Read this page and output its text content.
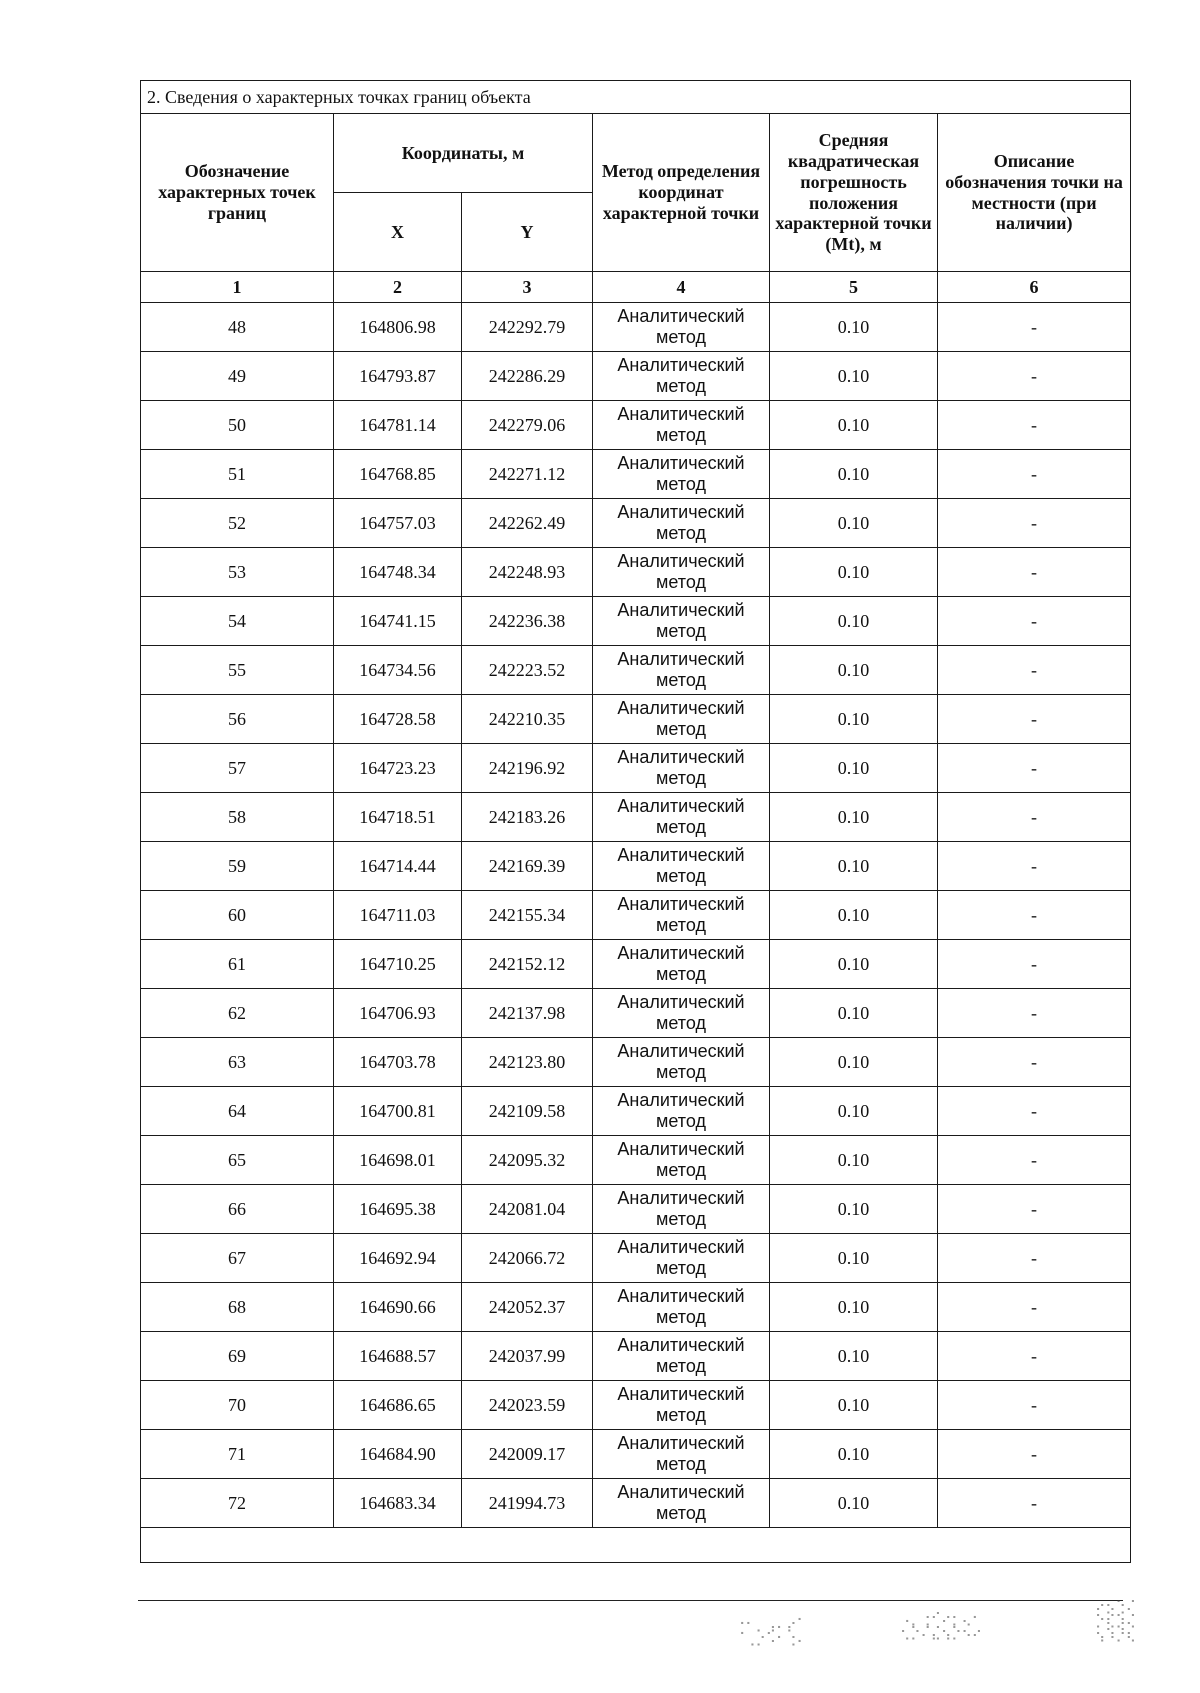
2. Сведения о характерных точках границ объекта					
Обозначение характерных точек границ	Координаты, м		Метод определения координат характерной точки	Средняя квадратическая погрешность положения характерной точки (Mt), м	Описание обозначения точки на местности (при наличии)
	X	Y			
1	2	3	4	5	6
48	164806.98	242292.79	Аналитический метод	0.10	-
49	164793.87	242286.29	Аналитический метод	0.10	-
50	164781.14	242279.06	Аналитический метод	0.10	-
51	164768.85	242271.12	Аналитический метод	0.10	-
52	164757.03	242262.49	Аналитический метод	0.10	-
53	164748.34	242248.93	Аналитический метод	0.10	-
54	164741.15	242236.38	Аналитический метод	0.10	-
55	164734.56	242223.52	Аналитический метод	0.10	-
56	164728.58	242210.35	Аналитический метод	0.10	-
57	164723.23	242196.92	Аналитический метод	0.10	-
58	164718.51	242183.26	Аналитический метод	0.10	-
59	164714.44	242169.39	Аналитический метод	0.10	-
60	164711.03	242155.34	Аналитический метод	0.10	-
61	164710.25	242152.12	Аналитический метод	0.10	-
62	164706.93	242137.98	Аналитический метод	0.10	-
63	164703.78	242123.80	Аналитический метод	0.10	-
64	164700.81	242109.58	Аналитический метод	0.10	-
65	164698.01	242095.32	Аналитический метод	0.10	-
66	164695.38	242081.04	Аналитический метод	0.10	-
67	164692.94	242066.72	Аналитический метод	0.10	-
68	164690.66	242052.37	Аналитический метод	0.10	-
69	164688.57	242037.99	Аналитический метод	0.10	-
70	164686.65	242023.59	Аналитический метод	0.10	-
71	164684.90	242009.17	Аналитический метод	0.10	-
72	164683.34	241994.73	Аналитический метод	0.10	-

⠐⠂⡀⢠⠄⡔⠁
⠈⢀⡐⠡⠂⢐⠄
⠠⡀⢐⠊⠔⡂⢄⠂
⢂⡑⠌⣌⢢⡑⠢⠔
⠔⡢⢑⠌
⡑⢎⡱⢌
⢢⠱⡘⢆
